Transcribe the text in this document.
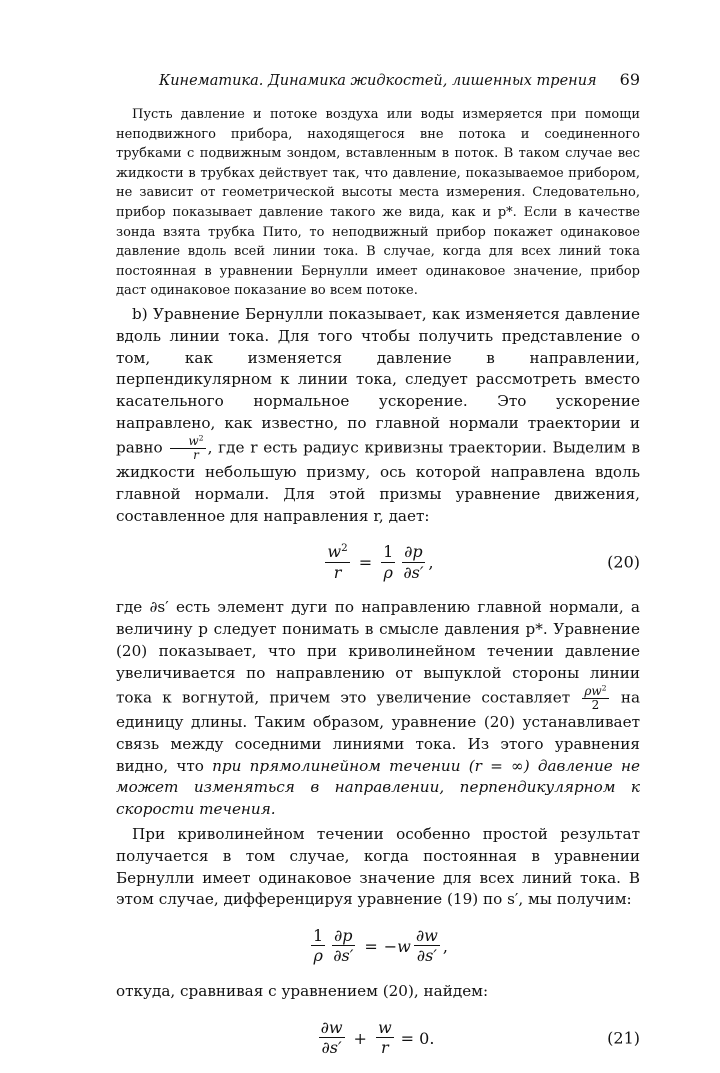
Кинематика. Динамика жидкостей, лишенных трения	69

Пусть давление и потоке воздуха или воды измеряется при помощи неподвижного прибора, находящегося вне потока и соединенного трубками с подвижным зондом, вставленным в поток. В таком случае вес жидкости в трубках действует так, что давление, показываемое прибором, не зависит от геометрической высоты места измерения. Следовательно, прибор показывает давление такого же вида, как и p*. Если в качестве зонда взята трубка Пито, то неподвижный прибор покажет одинаковое давление вдоль всей линии тока. В случае, когда для всех линий тока постоянная в уравнении Бернулли имеет одинаковое значение, прибор даст одинаковое показание во всем потоке.

b) Уравнение Бернулли показывает, как изменяется давление вдоль линии тока. Для того чтобы получить представление о том, как изменяется давление в направлении, перпендикулярном к линии тока, следует рассмотреть вместо касательного нормальное ускорение. Это ускорение направлено, как известно, по главной нормали траектории и равно $\frac{w^2}{r}$ , где r есть радиус кривизны траектории. Выделим в жидкости небольшую призму, ось которой направлена вдоль главной нормали. Для этой призмы уравнение движения, составленное для направления r, дает:

$\frac{w^2}{r} = \frac{1}{\rho} \frac{\partial p}{\partial s'}$ ,	(20)

где ∂s′ есть элемент дуги по направлению главной нормали, а величину p следует понимать в смысле давления p*. Уравнение (20) показывает, что при криволинейном течении давление увеличивается по направлению от выпуклой стороны линии тока к вогнутой, причем это увеличение составляет $\frac{\rho w^2}{2}$ на единицу длины. Таким образом, уравнение (20) устанавливает связь между соседними линиями тока. Из этого уравнения видно, что при прямолинейном течении (r = ∞) давление не может изменяться в направлении, перпендикулярном к скорости течения.

При криволинейном течении особенно простой результат получается в том случае, когда постоянная в уравнении Бернулли имеет одинаковое значение для всех линий тока. В этом случае, дифференцируя уравнение (19) по s′, мы получим:

$\frac{1}{\rho} \frac{\partial p}{\partial s'} = -w \frac{\partial w}{\partial s'}$ ,

откуда, сравнивая с уравнением (20), найдем:

$\frac{\partial w}{\partial s'} + \frac{w}{r} = 0$.	(21)
